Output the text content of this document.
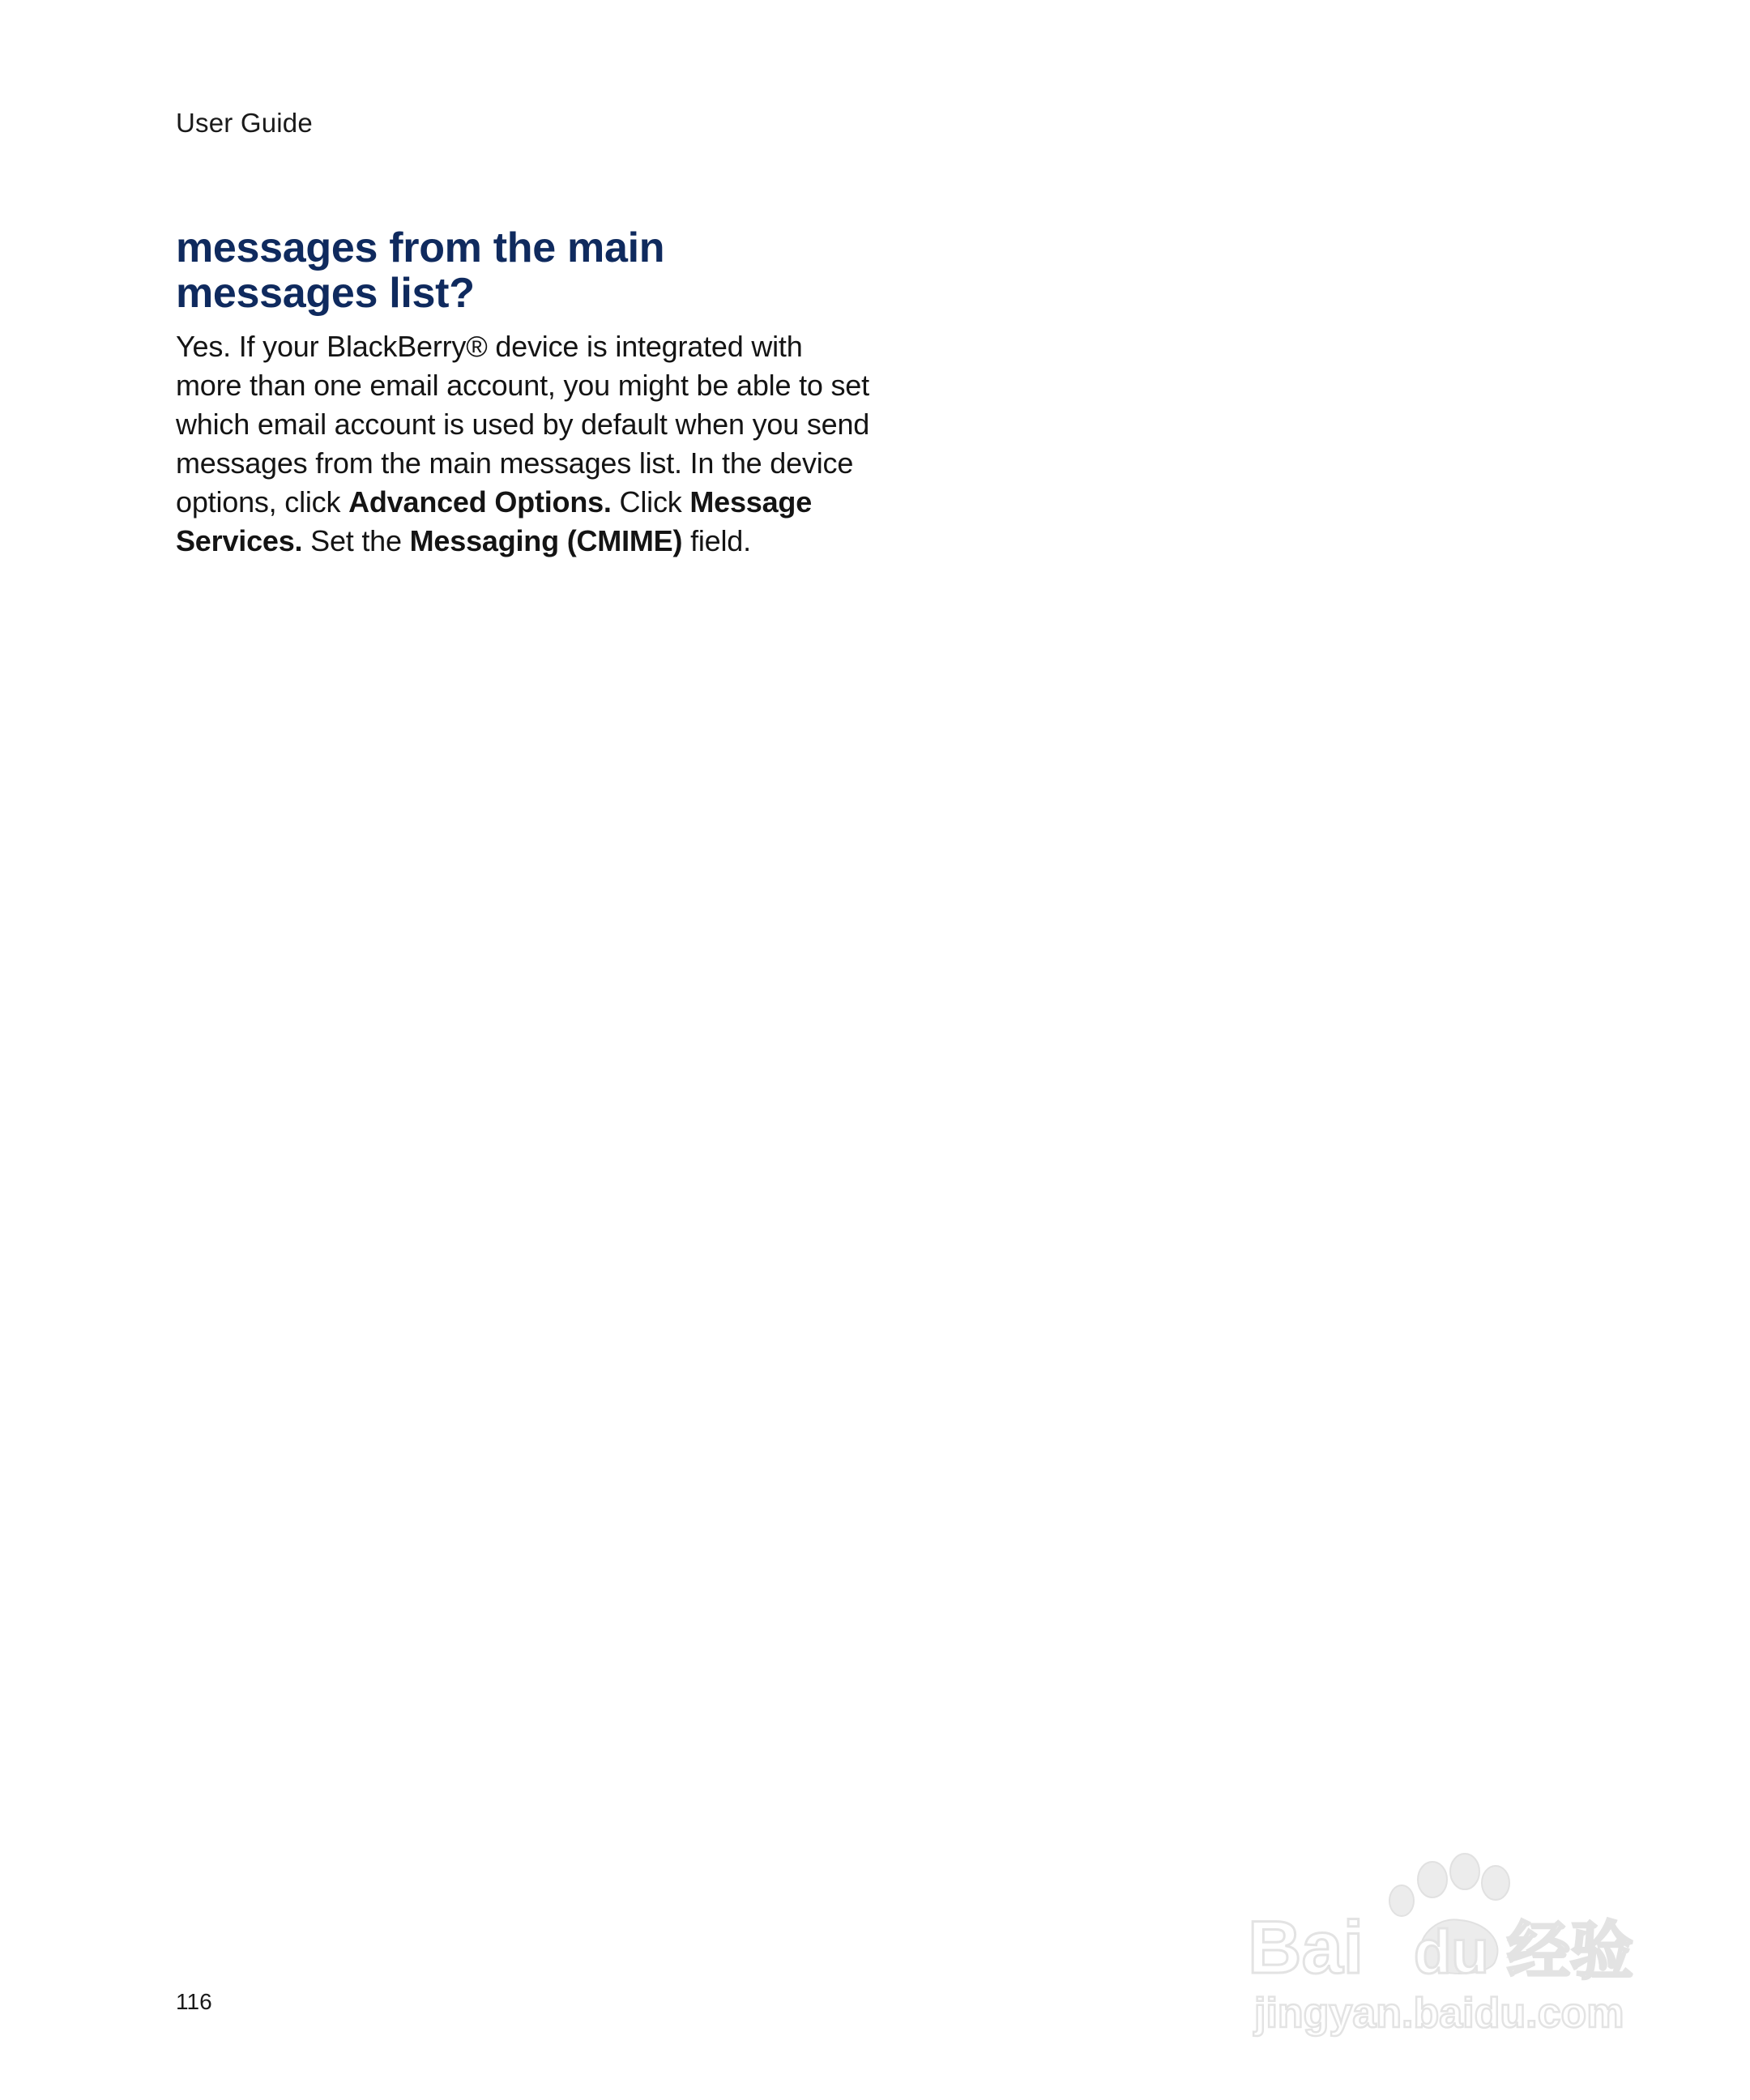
User Guide
messages from the main messages list?

Yes. If your BlackBerry® device is integrated with more than one email account, you might be able to set which email account is used by default when you send messages from the main messages list. In the device options, click Advanced Options. Click Message Services. Set the Messaging (CMIME) field.

116
Bai du 经验
jingyan.baidu.com
